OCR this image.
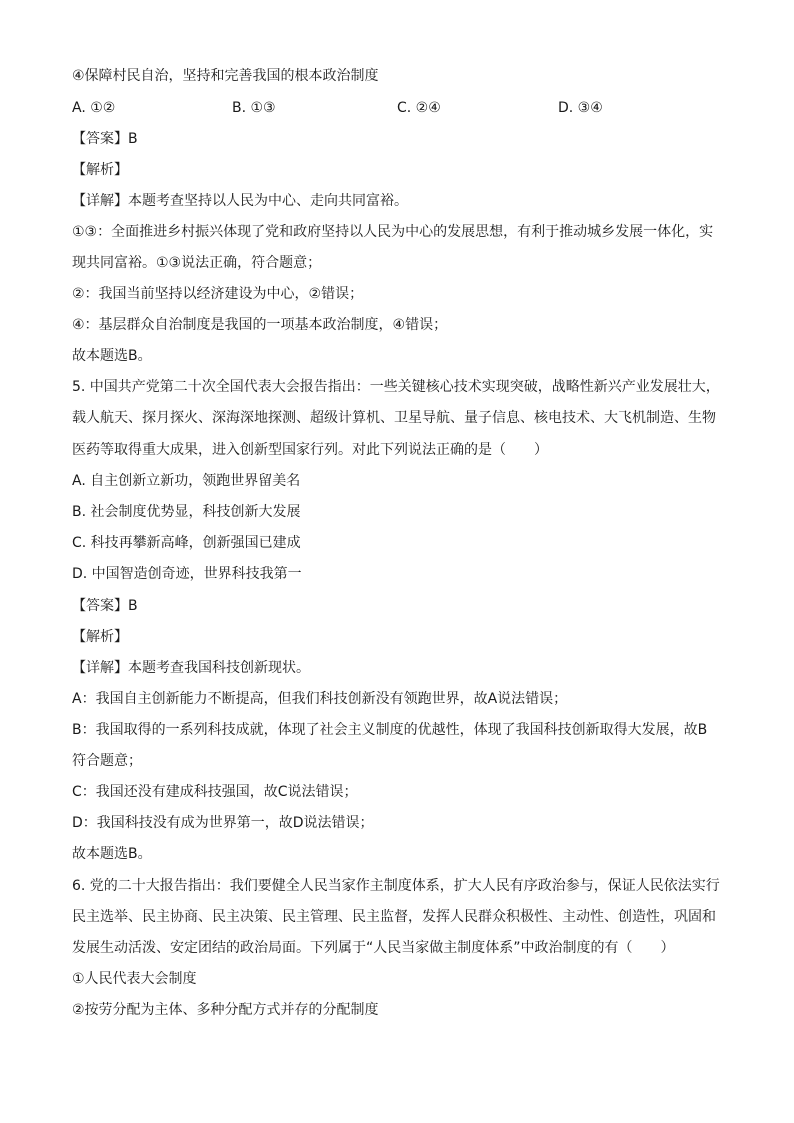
④保障村民自治，坚持和完善我国的根本政治制度
【答案】B
【解析】
【详解】本题考查坚持以人民为中心、走向共同富裕。
①③：全面推进乡村振兴体现了党和政府坚持以人民为中心的发展思想，有利于推动城乡发展一体化，实
现共同富裕。①③说法正确，符合题意；
②：我国当前坚持以经济建设为中心，②错误；
④：基层群众自治制度是我国的一项基本政治制度，④错误；
故本题选B。
5. 中国共产党第二十次全国代表大会报告指出：一些关键核心技术实现突破，战略性新兴产业发展壮大，
载人航天、探月探火、深海深地探测、超级计算机、卫星导航、量子信息、核电技术、大飞机制造、生物
医药等取得重大成果，进入创新型国家行列。对此下列说法正确的是（　　）
A. 自主创新立新功，领跑世界留美名
B. 社会制度优势显，科技创新大发展
C. 科技再攀新高峰，创新强国已建成
D. 中国智造创奇迹，世界科技我第一
【答案】B
【解析】
【详解】本题考查我国科技创新现状。
A：我国自主创新能力不断提高，但我们科技创新没有领跑世界，故A说法错误；
B：我国取得的一系列科技成就，体现了社会主义制度的优越性，体现了我国科技创新取得大发展，故B
符合题意；
C：我国还没有建成科技强国，故C说法错误；
D：我国科技没有成为世界第一，故D说法错误；
故本题选B。
6. 党的二十大报告指出：我们要健全人民当家作主制度体系，扩大人民有序政治参与，保证人民依法实行
民主选举、民主协商、民主决策、民主管理、民主监督，发挥人民群众积极性、主动性、创造性，巩固和
发展生动活泼、安定团结的政治局面。下列属于“人民当家做主制度体系”中政治制度的有（　　）
①人民代表大会制度
②按劳分配为主体、多种分配方式并存的分配制度
A. ①②	B. ①③	C. ②④	D. ③④
